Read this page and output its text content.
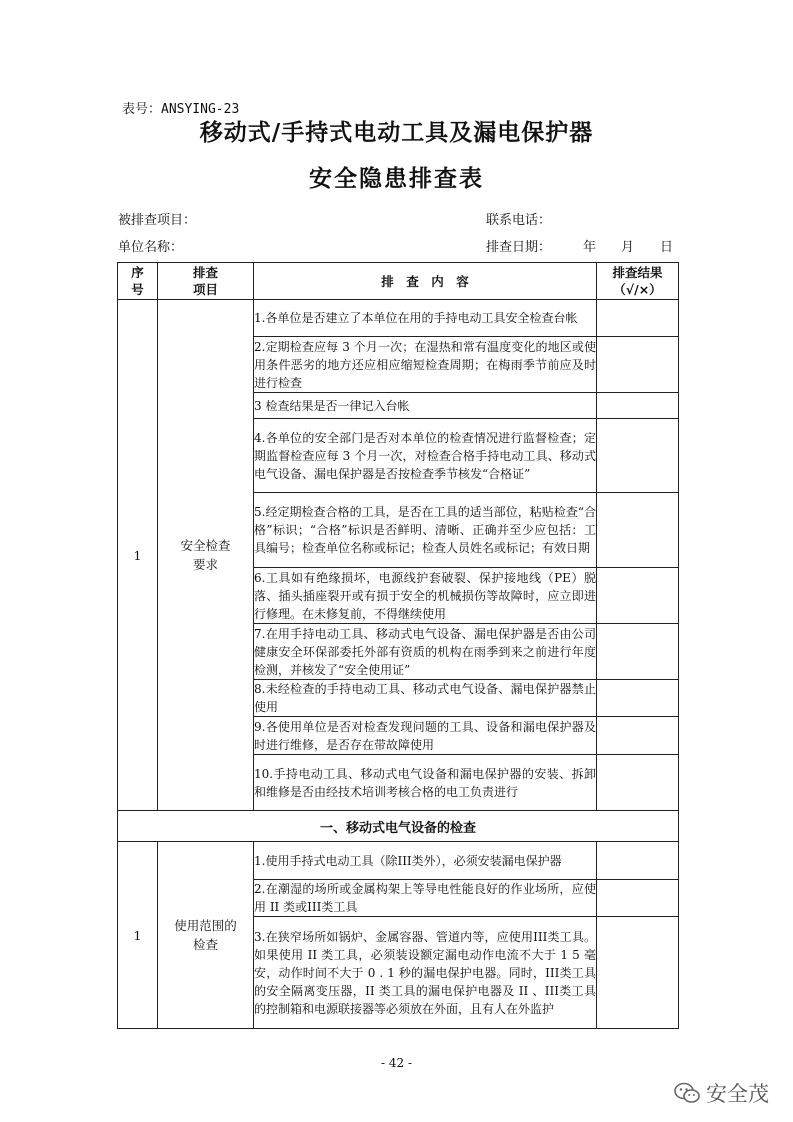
表号：ANSYING-23
移动式/手持式电动工具及漏电保护器
安全隐患排查表
被排查项目：	联系电话：
单位名称：	排查日期： 年 月 日
序
号	排查
项目	排　查　内　容	排查结果
（√/×）
1	安全检查
要求	1.各单位是否建立了本单位在用的手持电动工具安全检查台帐	
		2.定期检查应每 3 个月一次；在湿热和常有温度变化的地区或使用条件恶劣的地方还应相应缩短检查周期；在梅雨季节前应及时进行检查	
		3 检查结果是否一律记入台帐	
		4.各单位的安全部门是否对本单位的检查情况进行监督检查；定期监督检查应每 3 个月一次，对检查合格手持电动工具、移动式电气设备、漏电保护器是否按检查季节核发“合格证”	
		5.经定期检查合格的工具，是否在工具的适当部位，粘贴检查“合格”标识；“合格”标识是否鲜明、清晰、正确并至少应包括：工具编号；检查单位名称或标记；检查人员姓名或标记；有效日期	
		6.工具如有绝缘损坏，电源线护套破裂、保护接地线（PE）脱落、插头插座裂开或有损于安全的机械损伤等故障时，应立即进行修理。在未修复前，不得继续使用	
		7.在用手持电动工具、移动式电气设备、漏电保护器是否由公司健康安全环保部委托外部有资质的机构在雨季到来之前进行年度检测，并核发了“安全使用证”	
		8.未经检查的手持电动工具、移动式电气设备、漏电保护器禁止使用	
		9.各使用单位是否对检查发现问题的工具、设备和漏电保护器及时进行维修，是否存在带故障使用	
		10.手持电动工具、移动式电气设备和漏电保护器的安装、拆卸和维修是否由经技术培训考核合格的电工负责进行	
一、移动式电气设备的检查			
1	使用范围的
检查	1.使用手持式电动工具（除III类外），必须安装漏电保护器	
		2.在潮湿的场所或金属构架上等导电性能良好的作业场所，应使用 II 类或III类工具	
		3.在狭窄场所如锅炉、金属容器、管道内等，应使用III类工具。如果使用 II 类工具，必须装设额定漏电动作电流不大于 1 5 毫安，动作时间不大于 0 . 1 秒的漏电保护电器。同时，III类工具的安全隔离变压器，II 类工具的漏电保护电器及 II 、III类工具的控制箱和电源联接器等必须放在外面，且有人在外监护	
- 42 -
安全茂
